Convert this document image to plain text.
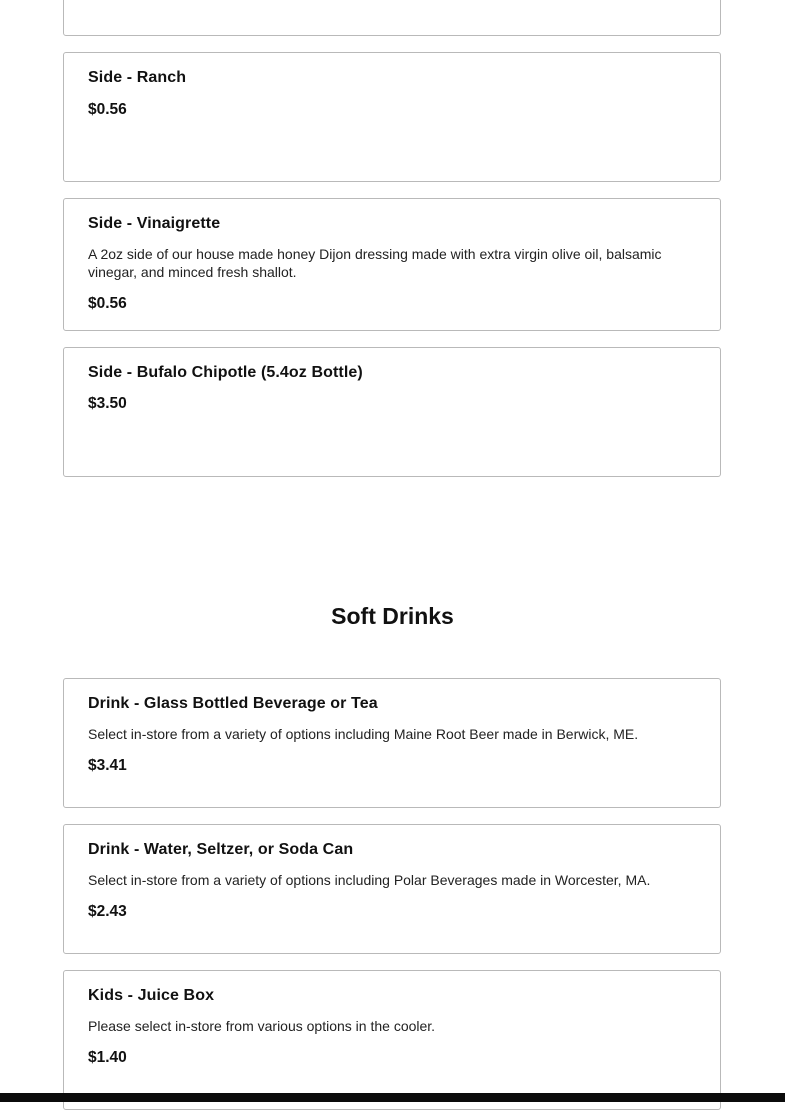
Side - Ranch
$0.56
Side - Vinaigrette
A 2oz side of our house made honey Dijon dressing made with extra virgin olive oil, balsamic vinegar, and minced fresh shallot.
$0.56
Side - Bufalo Chipotle (5.4oz Bottle)
$3.50
Soft Drinks
Drink - Glass Bottled Beverage or Tea
Select in-store from a variety of options including Maine Root Beer made in Berwick, ME.
$3.41
Drink - Water, Seltzer, or Soda Can
Select in-store from a variety of options including Polar Beverages made in Worcester, MA.
$2.43
Kids - Juice Box
Please select in-store from various options in the cooler.
$1.40
